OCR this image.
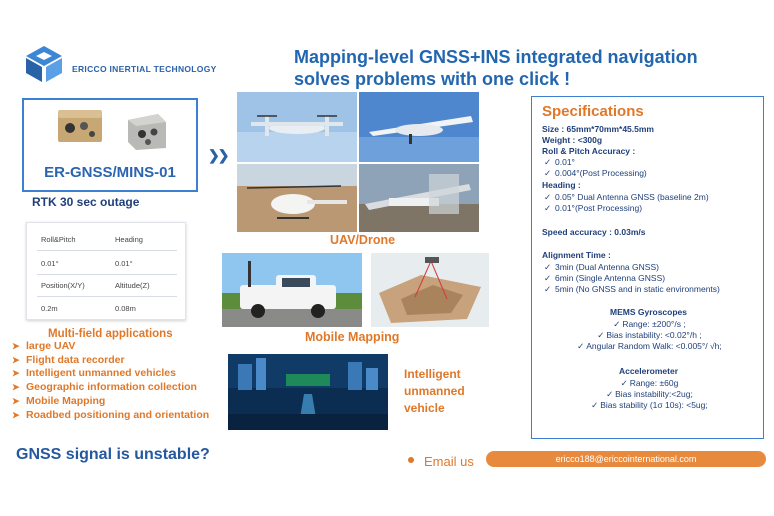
ERICCO INERTIAL TECHNOLOGY
Mapping-level GNSS+INS integrated navigation
solves problems with one click !
ER-GNSS/MINS-01
RTK 30 sec outage
❯❯
Roll&Pitch	Heading
0.01°	0.01°
Position(X/Y)	Altitude(Z)
0.2m	0.08m
Multi-field applications
➤ large UAV
➤ Flight data recorder
➤ Intelligent unmanned vehicles
➤ Geographic information collection
➤ Mobile Mapping
➤ Roadbed positioning and orientation
GNSS signal is unstable?
UAV/Drone
Mobile Mapping
Intelligent
unmanned
vehicle
Email us	ericco188@ericcointernational.com
Specifications
Size : 65mm*70mm*45.5mm
Weight : <300g
Roll & Pitch Accuracy :
✓ 0.01°
✓ 0.004°(Post Processing)
Heading :
✓ 0.05° Dual Antenna GNSS (baseline 2m)
✓ 0.01°(Post Processing)
Speed accuracy : 0.03m/s
Alignment Time :
✓ 3min (Dual Antenna GNSS)
✓ 6min (Single Antenna GNSS)
✓ 5min (No GNSS and in static environments)
MEMS Gyroscopes
✓ Range: ±200°/s ;
✓ Bias instability: <0.02°/h ;
✓ Angular Random Walk: <0.005°/ √h;
Accelerometer
✓ Range: ±60g
✓ Bias instability:<2ug;
✓ Bias stability (1σ 10s): <5ug;
